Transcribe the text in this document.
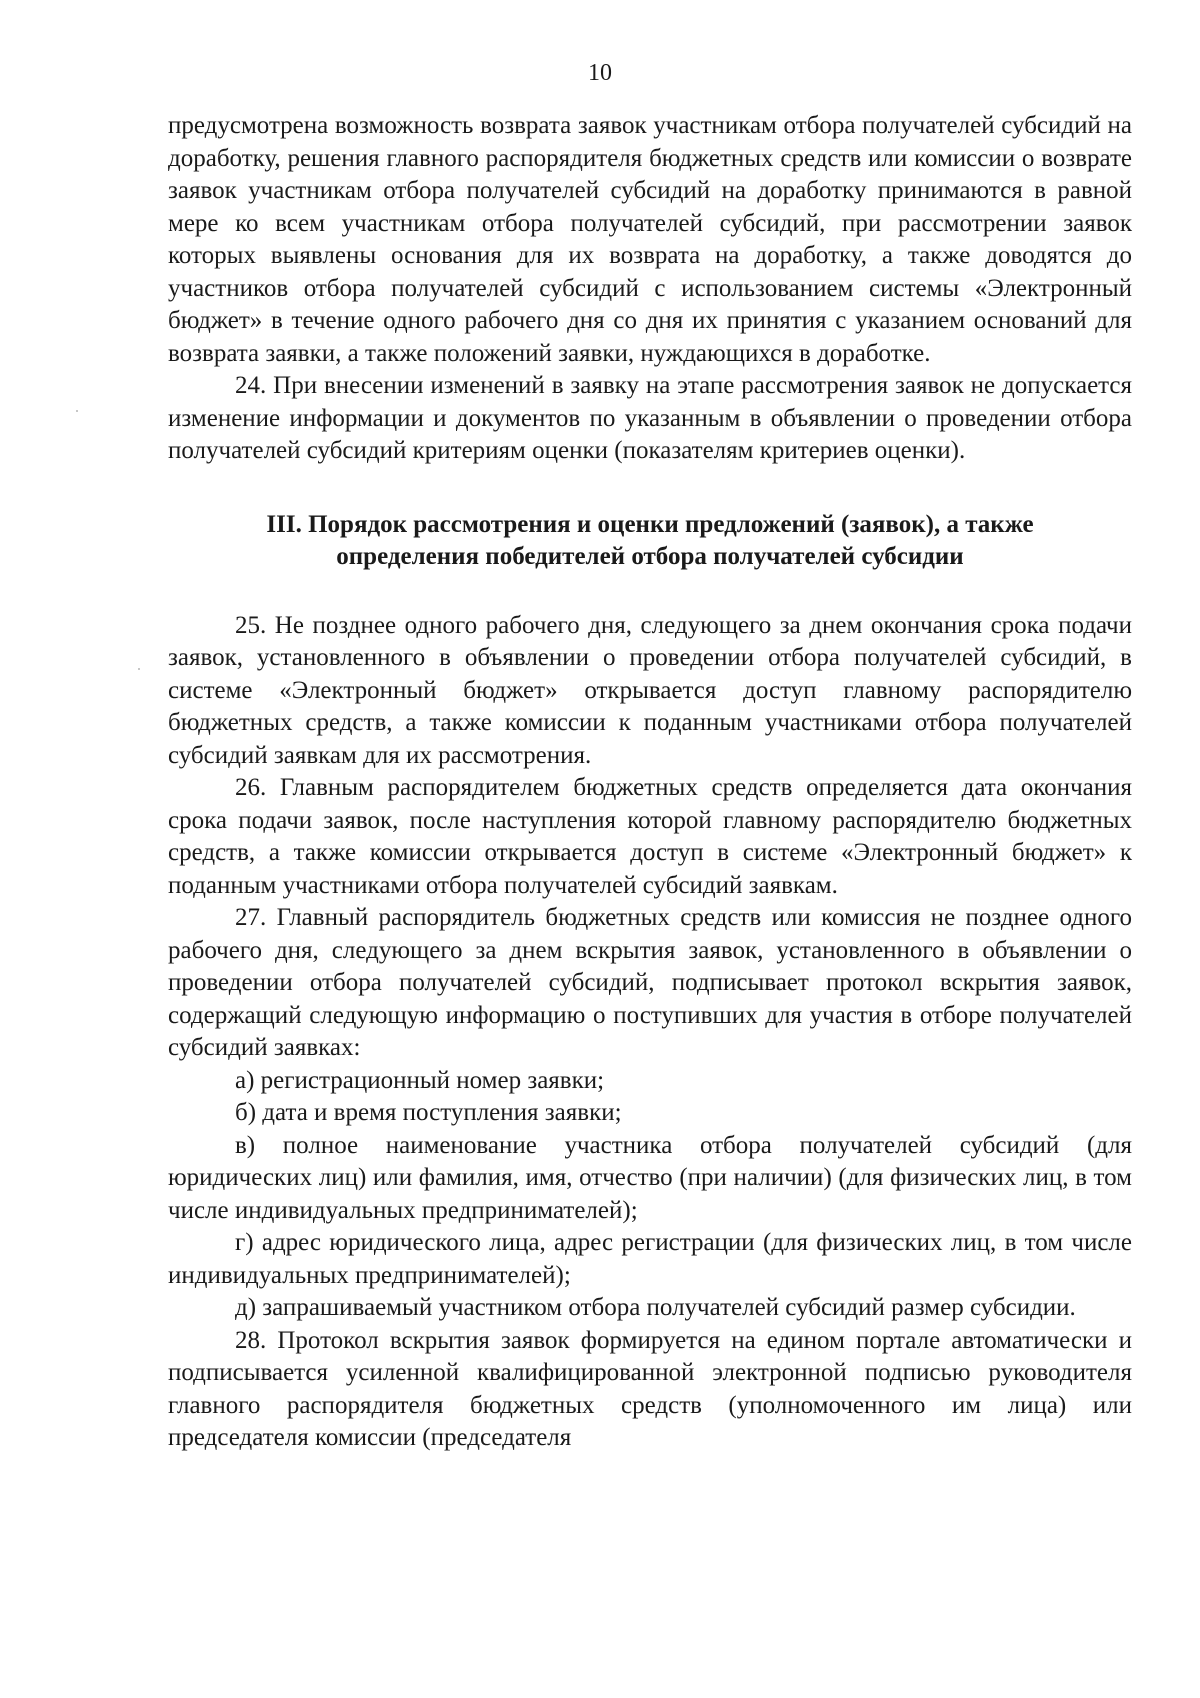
10

предусмотрена возможность возврата заявок участникам отбора получателей субсидий на доработку, решения главного распорядителя бюджетных средств или комиссии о возврате заявок участникам отбора получателей субсидий на доработку принимаются в равной мере ко всем участникам отбора получателей субсидий, при рассмотрении заявок которых выявлены основания для их возврата на доработку, а также доводятся до участников отбора получателей субсидий с использованием системы «Электронный бюджет» в течение одного рабочего дня со дня их принятия с указанием оснований для возврата заявки, а также положений заявки, нуждающихся в доработке.

24. При внесении изменений в заявку на этапе рассмотрения заявок не допускается изменение информации и документов по указанным в объявлении о проведении отбора получателей субсидий критериям оценки (показателям критериев оценки).

III. Порядок рассмотрения и оценки предложений (заявок), а также
определения победителей отбора получателей субсидии

25. Не позднее одного рабочего дня, следующего за днем окончания срока подачи заявок, установленного в объявлении о проведении отбора получателей субсидий, в системе «Электронный бюджет» открывается доступ главному распорядителю бюджетных средств, а также комиссии к поданным участниками отбора получателей субсидий заявкам для их рассмотрения.

26. Главным распорядителем бюджетных средств определяется дата окончания срока подачи заявок, после наступления которой главному распорядителю бюджетных средств, а также комиссии открывается доступ в системе «Электронный бюджет» к поданным участниками отбора получателей субсидий заявкам.

27. Главный распорядитель бюджетных средств или комиссия не позднее одного рабочего дня, следующего за днем вскрытия заявок, установленного в объявлении о проведении отбора получателей субсидий, подписывает протокол вскрытия заявок, содержащий следующую информацию о поступивших для участия в отборе получателей субсидий заявках:

а) регистрационный номер заявки;

б) дата и время поступления заявки;

в) полное наименование участника отбора получателей субсидий (для юридических лиц) или фамилия, имя, отчество (при наличии) (для физических лиц, в том числе индивидуальных предпринимателей);

г) адрес юридического лица, адрес регистрации (для физических лиц, в том числе индивидуальных предпринимателей);

д) запрашиваемый участником отбора получателей субсидий размер субсидии.

28. Протокол вскрытия заявок формируется на едином портале автоматически и подписывается усиленной квалифицированной электронной подписью руководителя главного распорядителя бюджетных средств (уполномоченного им лица) или председателя комиссии (председателя
